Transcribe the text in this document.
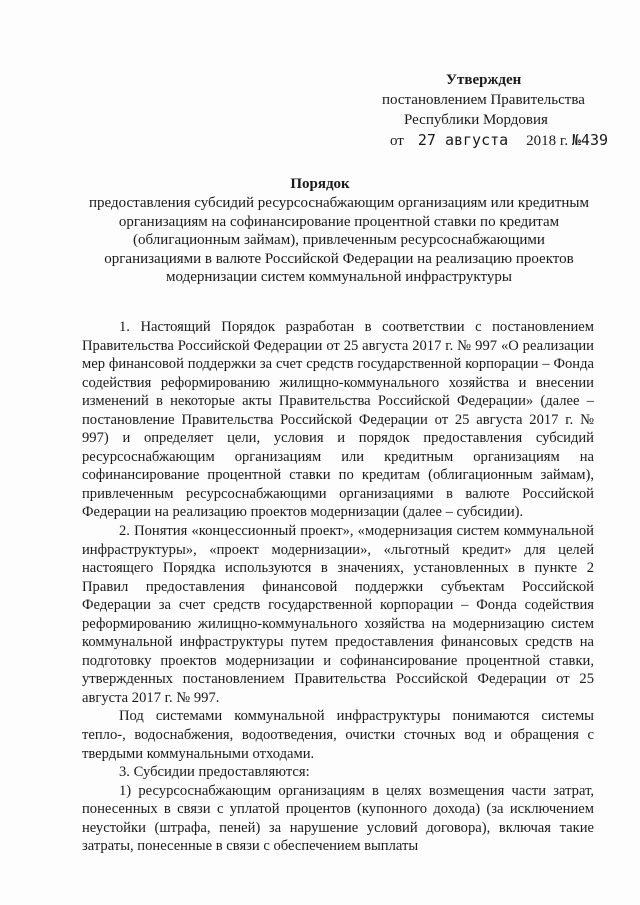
Утвержден
постановлением Правительства
Республики Мордовия
от 27 августа 2018 г. №439
Порядок
предоставления субсидий ресурсоснабжающим организациям или кредитным
организациям на софинансирование процентной ставки по кредитам
(облигационным займам), привлеченным ресурсоснабжающими
организациями в валюте Российской Федерации на реализацию проектов
модернизации систем коммунальной инфраструктуры

1. Настоящий Порядок разработан в соответствии с постановлением Правительства Российской Федерации от 25 августа 2017 г. № 997 «О реализации мер финансовой поддержки за счет средств государственной корпорации – Фонда содействия реформированию жилищно-коммунального хозяйства и внесении изменений в некоторые акты Правительства Российской Федерации» (далее – постановление Правительства Российской Федерации от 25 августа 2017 г. № 997) и определяет цели, условия и порядок предоставления субсидий ресурсоснабжающим организациям или кредитным организациям на софинансирование процентной ставки по кредитам (облигационным займам), привлеченным ресурсоснабжающими организациями в валюте Российской Федерации на реализацию проектов модернизации (далее – субсидии).

2. Понятия «концессионный проект», «модернизация систем коммунальной инфраструктуры», «проект модернизации», «льготный кредит» для целей настоящего Порядка используются в значениях, установленных в пункте 2 Правил предоставления финансовой поддержки субъектам Российской Федерации за счет средств государственной корпорации – Фонда содействия реформированию жилищно-коммунального хозяйства на модернизацию систем коммунальной инфраструктуры путем предоставления финансовых средств на подготовку проектов модернизации и софинансирование процентной ставки, утвержденных постановлением Правительства Российской Федерации от 25 августа 2017 г. № 997.

Под системами коммунальной инфраструктуры понимаются системы тепло-, водоснабжения, водоотведения, очистки сточных вод и обращения с твердыми коммунальными отходами.

3. Субсидии предоставляются:

1) ресурсоснабжающим организациям в целях возмещения части затрат, понесенных в связи с уплатой процентов (купонного дохода) (за исключением неустойки (штрафа, пеней) за нарушение условий договора), включая такие затраты, понесенные в связи с обеспечением выплаты
